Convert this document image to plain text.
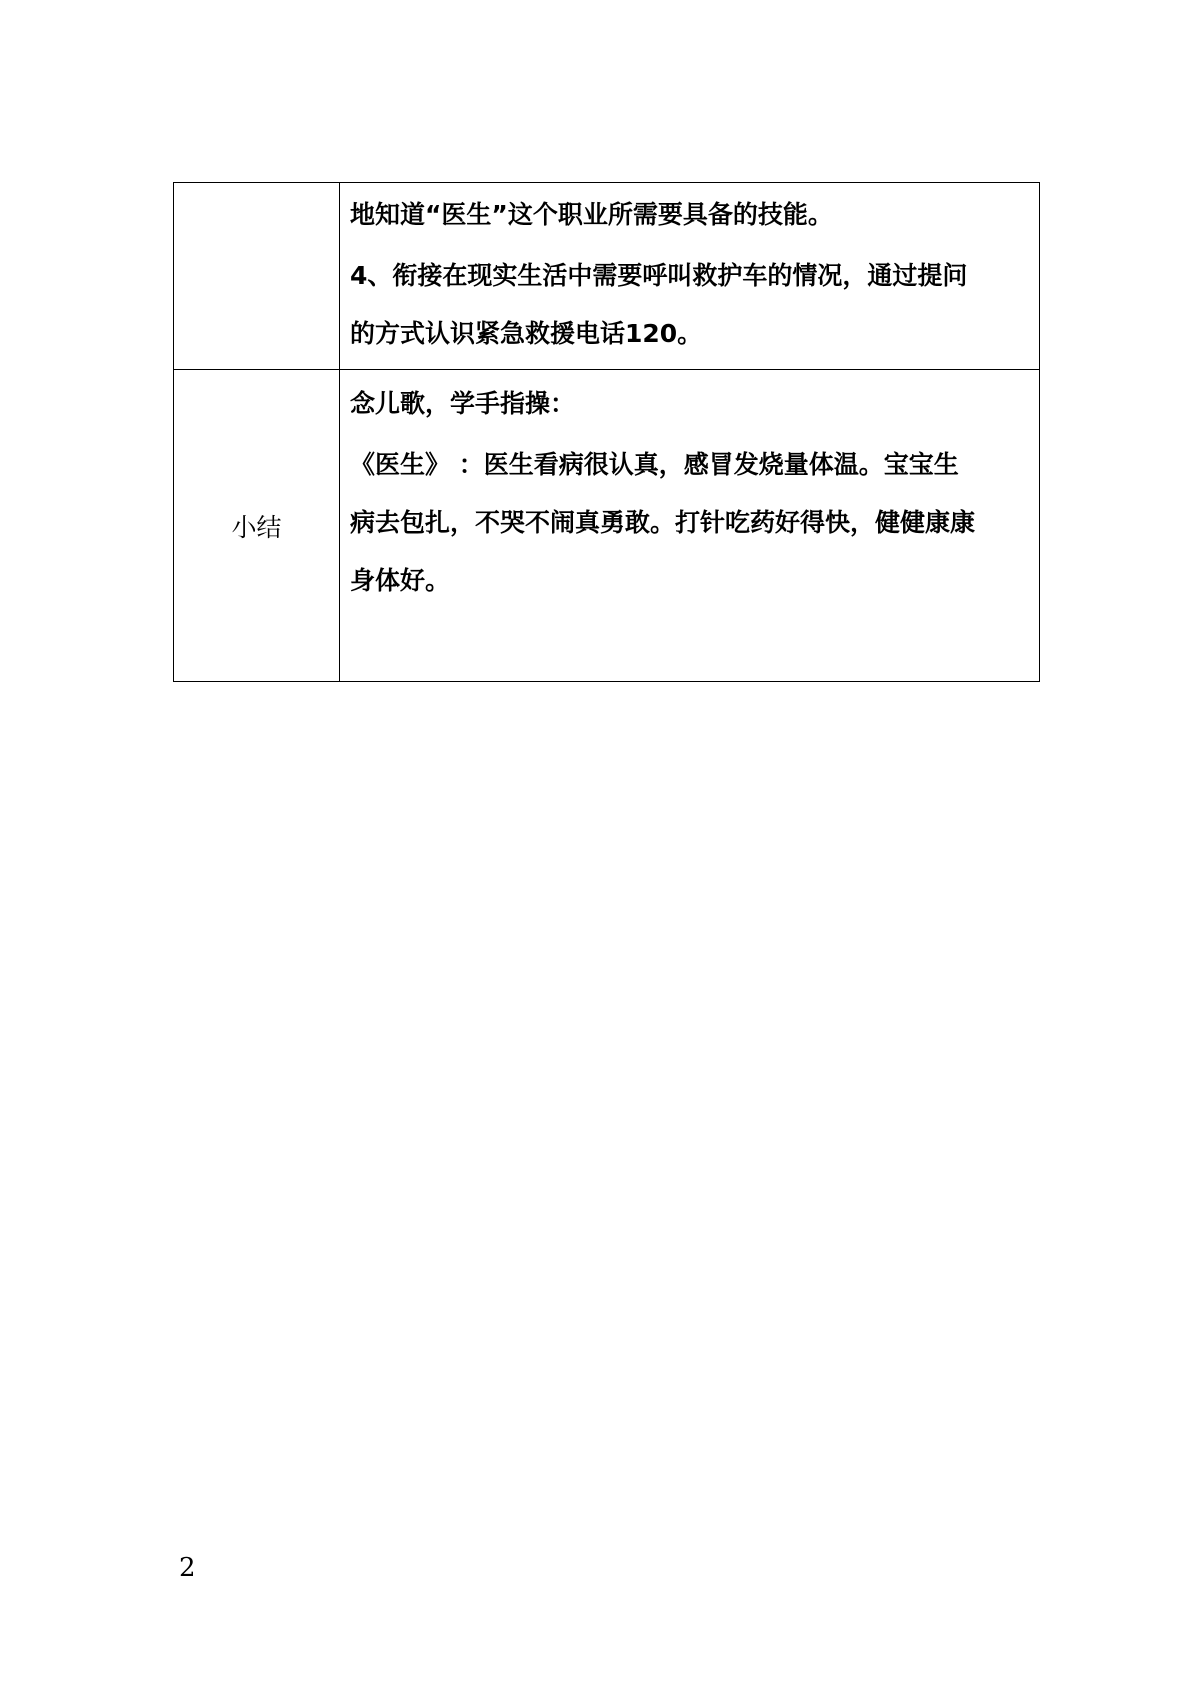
	地知道“医生”这个职业所需要具备的技能。
4、衔接在现实生活中需要呼叫救护车的情况，通过提问
的方式认识紧急救援电话120。

小结	念儿歌，学手指操：
《医生》 ：医生看病很认真，感冒发烧量体温。宝宝生
病去包扎，不哭不闹真勇敢。打针吃药好得快，健健康康
身体好。
2
